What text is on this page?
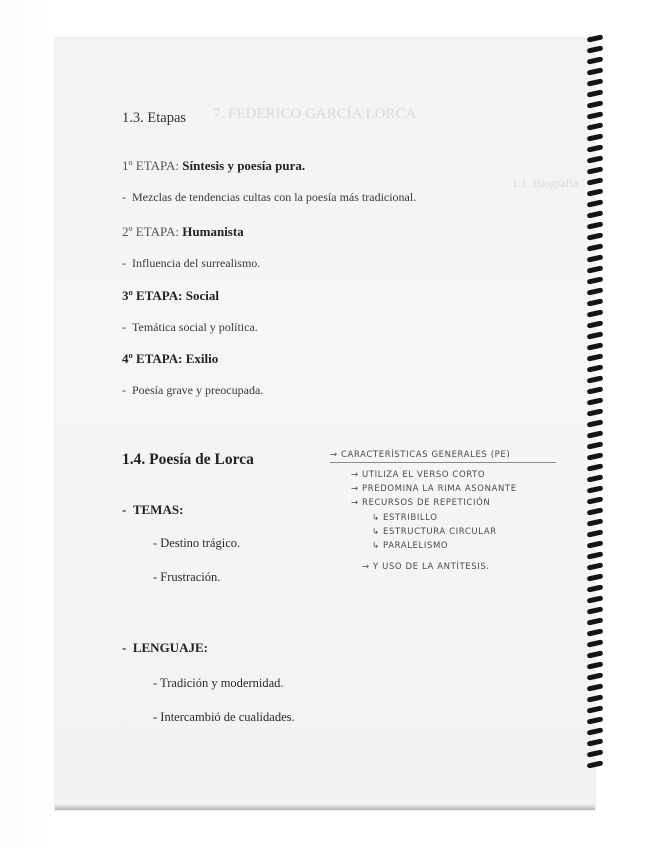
7. FEDERICO GARCÍA LORCA
1.1. Biografía
1.3. Etapas
1º ETAPA: Síntesis y poesía pura.
-  Mezclas de tendencias cultas con la poesía más tradicional.
2º ETAPA: Humanista
-  Influencia del surrealismo.
3º ETAPA: Social
-  Temática social y política.
4º ETAPA: Exilio
-  Poesía grave y preocupada.
1.4. Poesía de Lorca
-  TEMAS:
- Destino trágico.
- Frustración.
-  LENGUAJE:
- Tradición y modernidad.
- Intercambió de cualidades.
→ CARACTERÍSTICAS GENERALES (PE)
→ UTILIZA EL VERSO CORTO
→ PREDOMINA LA RIMA ASONANTE
→ RECURSOS DE REPETICIÓN
↳ ESTRIBILLO
↳ ESTRUCTURA CIRCULAR
↳ PARALELISMO
→ Y USO DE LA ANTÍTESIS.
